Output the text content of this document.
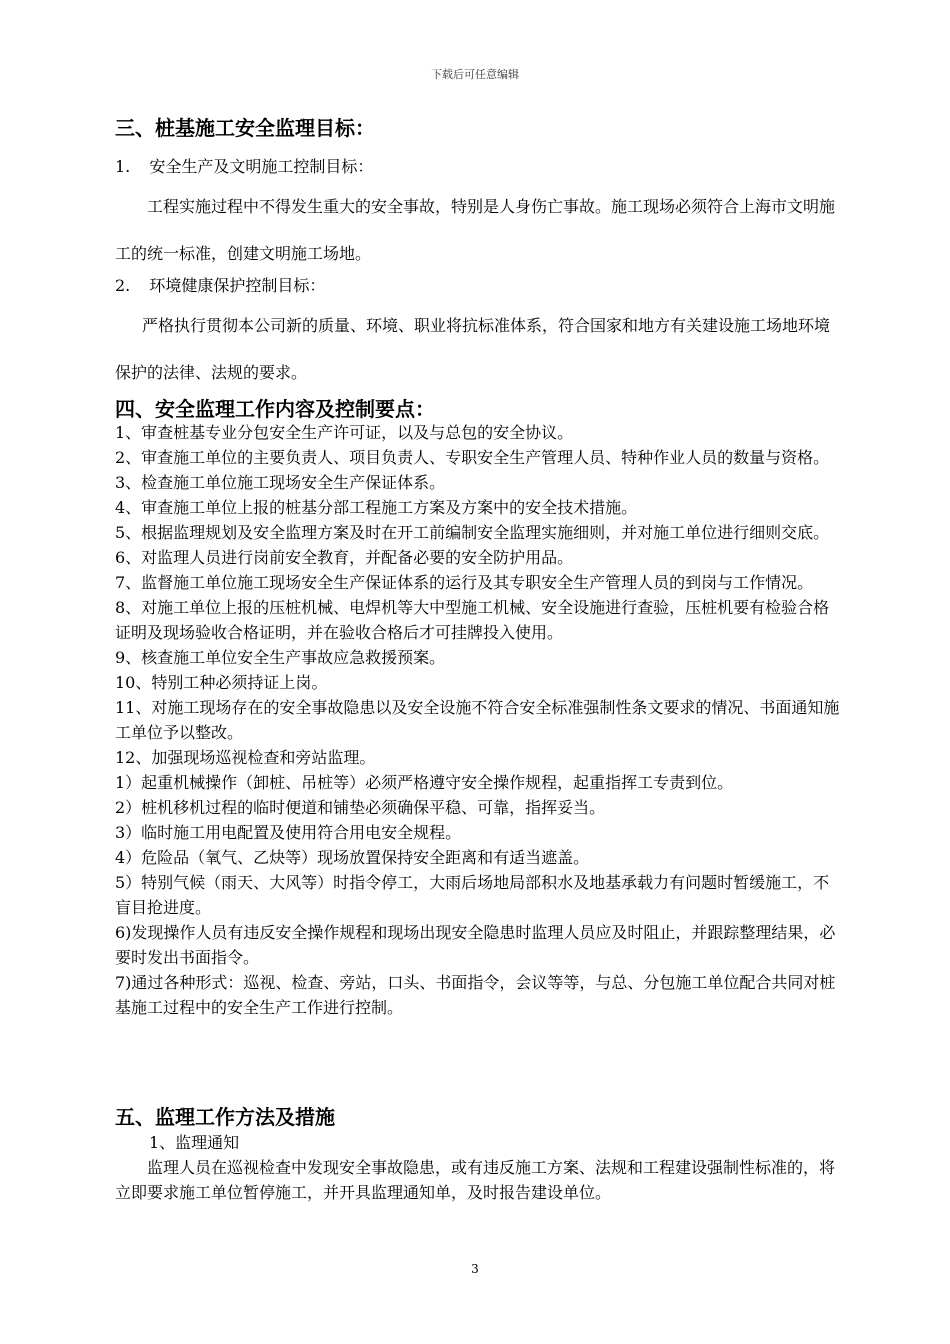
下载后可任意编辑
三、桩基施工安全监理目标：
1. 安全生产及文明施工控制目标：
工程实施过程中不得发生重大的安全事故，特别是人身伤亡事故。施工现场必须符合上海市文明施工的统一标准，创建文明施工场地。
2. 环境健康保护控制目标：
严格执行贯彻本公司新的质量、环境、职业将抗标准体系，符合国家和地方有关建设施工场地环境保护的法律、法规的要求。
四、安全监理工作内容及控制要点：
1、审查桩基专业分包安全生产许可证，以及与总包的安全协议。
2、审查施工单位的主要负责人、项目负责人、专职安全生产管理人员、特种作业人员的数量与资格。
3、检查施工单位施工现场安全生产保证体系。
4、审查施工单位上报的桩基分部工程施工方案及方案中的安全技术措施。
5、根据监理规划及安全监理方案及时在开工前编制安全监理实施细则，并对施工单位进行细则交底。
6、对监理人员进行岗前安全教育，并配备必要的安全防护用品。
7、监督施工单位施工现场安全生产保证体系的运行及其专职安全生产管理人员的到岗与工作情况。
8、对施工单位上报的压桩机械、电焊机等大中型施工机械、安全设施进行查验，压桩机要有检验合格证明及现场验收合格证明，并在验收合格后才可挂牌投入使用。
9、核查施工单位安全生产事故应急救援预案。
10、特别工种必须持证上岗。
11、对施工现场存在的安全事故隐患以及安全设施不符合安全标准强制性条文要求的情况、书面通知施工单位予以整改。
12、加强现场巡视检查和旁站监理。
1）起重机械操作（卸桩、吊桩等）必须严格遵守安全操作规程，起重指挥工专责到位。
2）桩机移机过程的临时便道和铺垫必须确保平稳、可靠，指挥妥当。
3）临时施工用电配置及使用符合用电安全规程。
4）危险品（氧气、乙炔等）现场放置保持安全距离和有适当遮盖。
5）特别气候（雨天、大风等）时指令停工，大雨后场地局部积水及地基承载力有问题时暂缓施工，不盲目抢进度。
6)发现操作人员有违反安全操作规程和现场出现安全隐患时监理人员应及时阻止，并跟踪整理结果，必要时发出书面指令。
7)通过各种形式：巡视、检查、旁站，口头、书面指令，会议等等，与总、分包施工单位配合共同对桩基施工过程中的安全生产工作进行控制。
五、监理工作方法及措施
1、监理通知
监理人员在巡视检查中发现安全事故隐患，或有违反施工方案、法规和工程建设强制性标准的，将立即要求施工单位暂停施工，并开具监理通知单，及时报告建设单位。
3
